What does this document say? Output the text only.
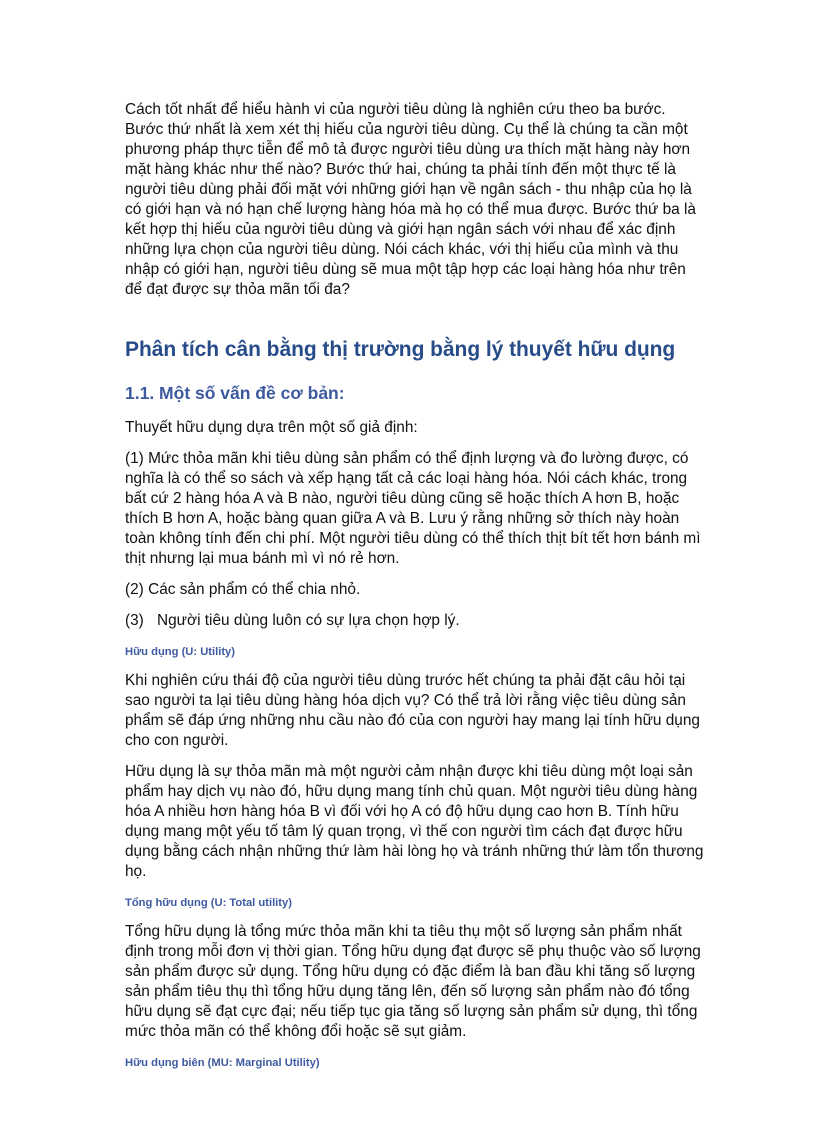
Cách tốt nhất để hiểu hành vi của người tiêu dùng là nghiên cứu theo ba bước. Bước thứ nhất là xem xét thị hiếu của người tiêu dùng. Cụ thể là chúng ta cần một phương pháp thực tiễn để mô tả được người tiêu dùng ưa thích mặt hàng này hơn mặt hàng khác như thế nào? Bước thứ hai, chúng ta phải tính đến một thực tế là người tiêu dùng phải đối mặt với những giới hạn về ngân sách - thu nhập của họ là có giới hạn và nó hạn chế lượng hàng hóa mà họ có thể mua được. Bước thứ ba là kết hợp thị hiếu của người tiêu dùng và giới hạn ngân sách với nhau để xác định những lựa chọn của người tiêu dùng. Nói cách khác, với thị hiếu của mình và thu nhập có giới hạn, người tiêu dùng sẽ mua một tập hợp các loại hàng hóa như trên để đạt được sự thỏa mãn tối đa?

Phân tích cân bằng thị trường bằng lý thuyết hữu dụng
1.1. Một số vấn đề cơ bản:

Thuyết hữu dụng dựa trên một số giả định:

(1) Mức thỏa mãn khi tiêu dùng sản phẩm có thể định lượng và đo lường được, có nghĩa là có thể so sách và xếp hạng tất cả các loại hàng hóa. Nói cách khác, trong bất cứ 2 hàng hóa A và B nào, người tiêu dùng cũng sẽ hoặc thích A hơn B, hoặc thích B hơn A, hoặc bàng quan giữa A và B. Lưu ý rằng những sở thích này hoàn toàn không tính đến chi phí. Một người tiêu dùng có thể thích thịt bít tết hơn bánh mì thịt nhưng lại mua bánh mì vì nó rẻ hơn.

(2) Các sản phẩm có thể chia nhỏ.

(3) Người tiêu dùng luôn có sự lựa chọn hợp lý.

Hữu dụng (U: Utility)

Khi nghiên cứu thái độ của người tiêu dùng trước hết chúng ta phải đặt câu hỏi tại sao người ta lại tiêu dùng hàng hóa dịch vụ? Có thể trả lời rằng việc tiêu dùng sản phẩm sẽ đáp ứng những nhu cầu nào đó của con người hay mang lại tính hữu dụng cho con người.

Hữu dụng là sự thỏa mãn mà một người cảm nhận được khi tiêu dùng một loại sản phẩm hay dịch vụ nào đó, hữu dụng mang tính chủ quan. Một người tiêu dùng hàng hóa A nhiều hơn hàng hóa B vì đối với họ A có độ hữu dụng cao hơn B. Tính hữu dụng mang một yếu tố tâm lý quan trọng, vì thế con người tìm cách đạt được hữu dụng bằng cách nhận những thứ làm hài lòng họ và tránh những thứ làm tổn thương họ.

Tổng hữu dụng (U: Total utility)

Tổng hữu dụng là tổng mức thỏa mãn khi ta tiêu thụ một số lượng sản phẩm nhất định trong mỗi đơn vị thời gian. Tổng hữu dụng đạt được sẽ phụ thuộc vào số lượng sản phẩm được sử dụng. Tổng hữu dụng có đặc điểm là ban đầu khi tăng số lượng sản phẩm tiêu thụ thì tổng hữu dụng tăng lên, đến số lượng sản phẩm nào đó tổng hữu dụng sẽ đạt cực đại; nếu tiếp tục gia tăng số lượng sản phẩm sử dụng, thì tổng mức thỏa mãn có thể không đổi hoặc sẽ sụt giảm.

Hữu dụng biên (MU: Marginal Utility)
